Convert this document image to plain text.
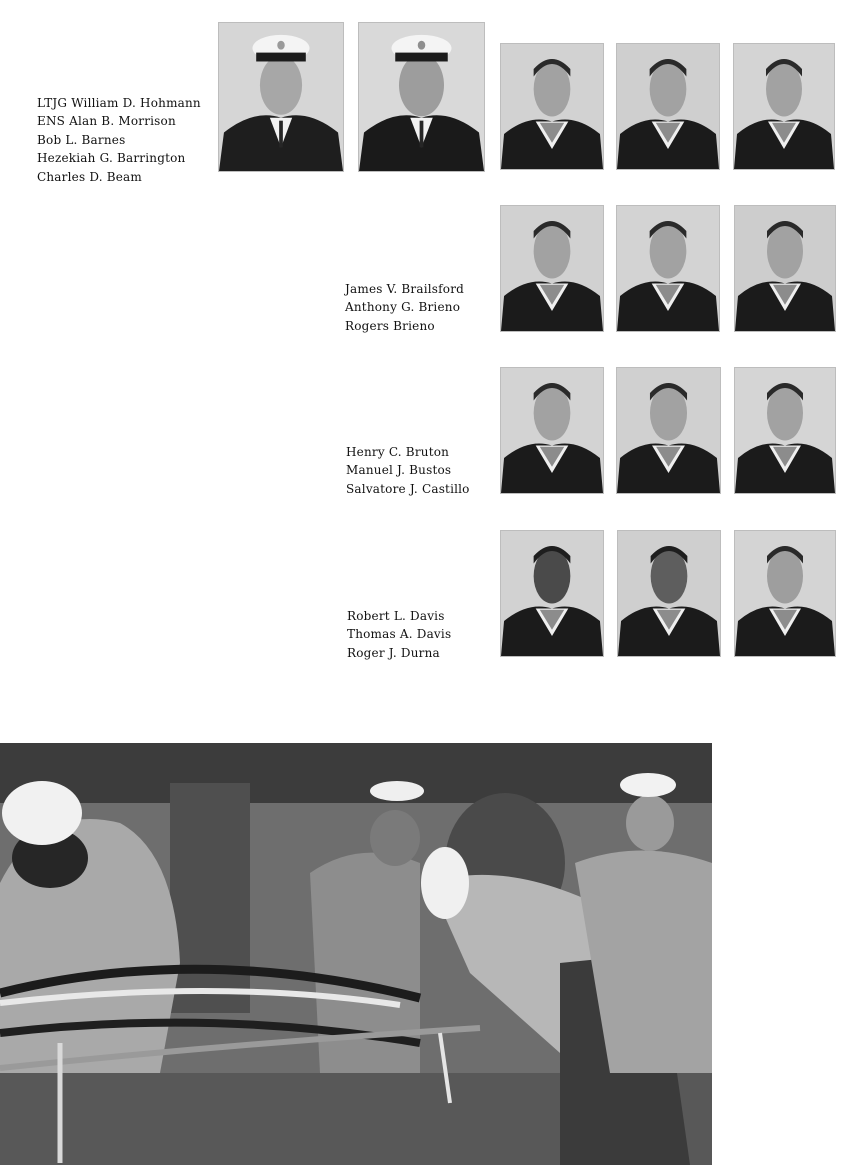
LTJG William D. Hohmann
ENS Alan B. Morrison
Bob L. Barnes
Hezekiah G. Barrington
Charles D. Beam
James V. Brailsford
Anthony G. Brieno
Rogers Brieno
Henry C. Bruton
Manuel J. Bustos
Salvatore J. Castillo
Robert L. Davis
Thomas A. Davis
Roger J. Durna
